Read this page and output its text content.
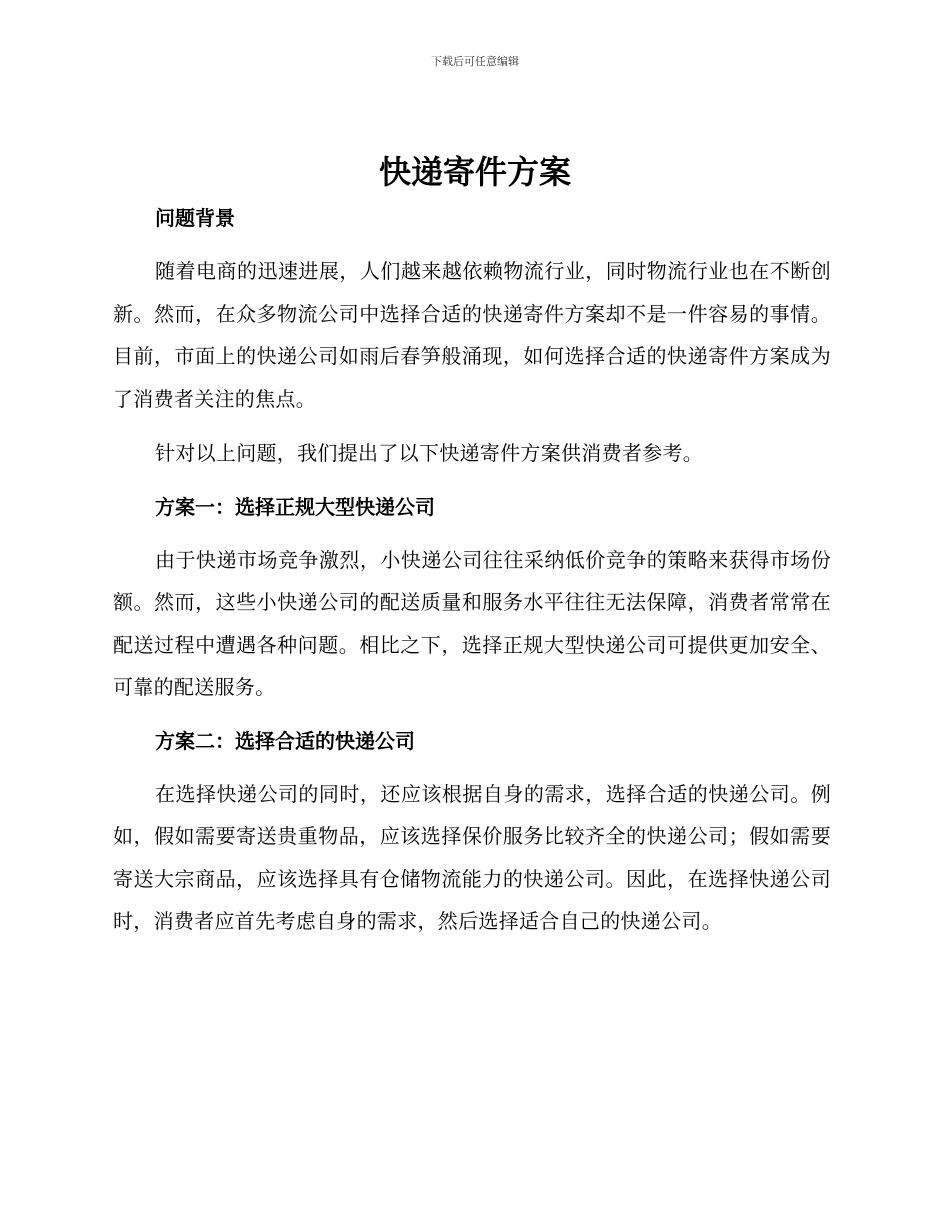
下载后可任意编辑
快递寄件方案
问题背景

随着电商的迅速进展，人们越来越依赖物流行业，同时物流行业也在不断创新。然而，在众多物流公司中选择合适的快递寄件方案却不是一件容易的事情。目前，市面上的快递公司如雨后春笋般涌现，如何选择合适的快递寄件方案成为了消费者关注的焦点。

针对以上问题，我们提出了以下快递寄件方案供消费者参考。

方案一：选择正规大型快递公司

由于快递市场竞争激烈，小快递公司往往采纳低价竞争的策略来获得市场份额。然而，这些小快递公司的配送质量和服务水平往往无法保障，消费者常常在配送过程中遭遇各种问题。相比之下，选择正规大型快递公司可提供更加安全、可靠的配送服务。

方案二：选择合适的快递公司

在选择快递公司的同时，还应该根据自身的需求，选择合适的快递公司。例如，假如需要寄送贵重物品，应该选择保价服务比较齐全的快递公司；假如需要寄送大宗商品，应该选择具有仓储物流能力的快递公司。因此，在选择快递公司时，消费者应首先考虑自身的需求，然后选择适合自己的快递公司。
